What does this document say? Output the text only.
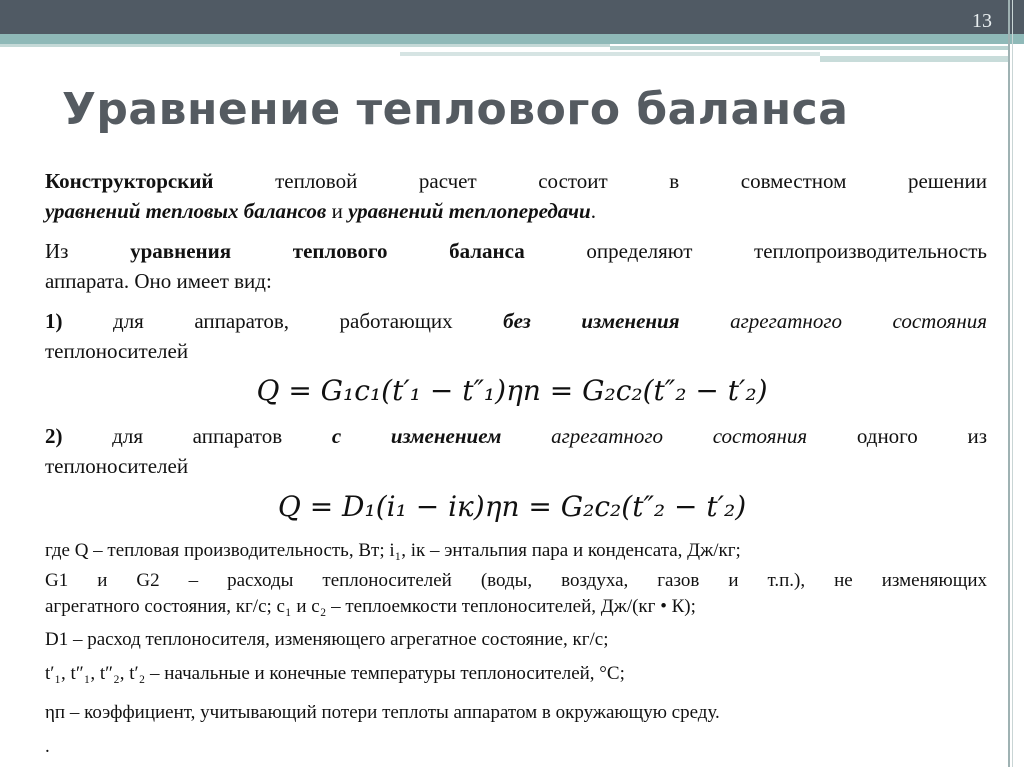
13
Уравнение теплового баланса
Конструкторский тепловой расчет состоит в совместном решении
уравнений тепловых балансов и уравнений теплопередачи.
Из уравнения теплового баланса определяют теплопроизводительность
аппарата. Оно имеет вид:
1) для аппаратов, работающих без изменения агрегатного состояния
теплоносителей
Q = G₁c₁(t′₁ − t″₁)ηп = G₂c₂(t″₂ − t′₂)
2) для аппаратов с изменением агрегатного состояния одного из
теплоносителей
Q = D₁(i₁ − iк)ηп = G₂c₂(t″₂ − t′₂)
где Q – тепловая производительность, Вт; i₁, iк – энтальпия пара и конденсата, Дж/кг;
G1 и G2 – расходы теплоносителей (воды, воздуха, газов и т.п.), не изменяющих
агрегатного состояния, кг/с; c₁ и c₂ – теплоемкости теплоносителей, Дж/(кг • К);
D1 – расход теплоносителя, изменяющего агрегатное состояние, кг/с;
t′₁, t″₁, t″₂, t′₂ – начальные и конечные температуры теплоносителей, °С;
ηп – коэффициент, учитывающий потери теплоты аппаратом в окружающую среду.
.
